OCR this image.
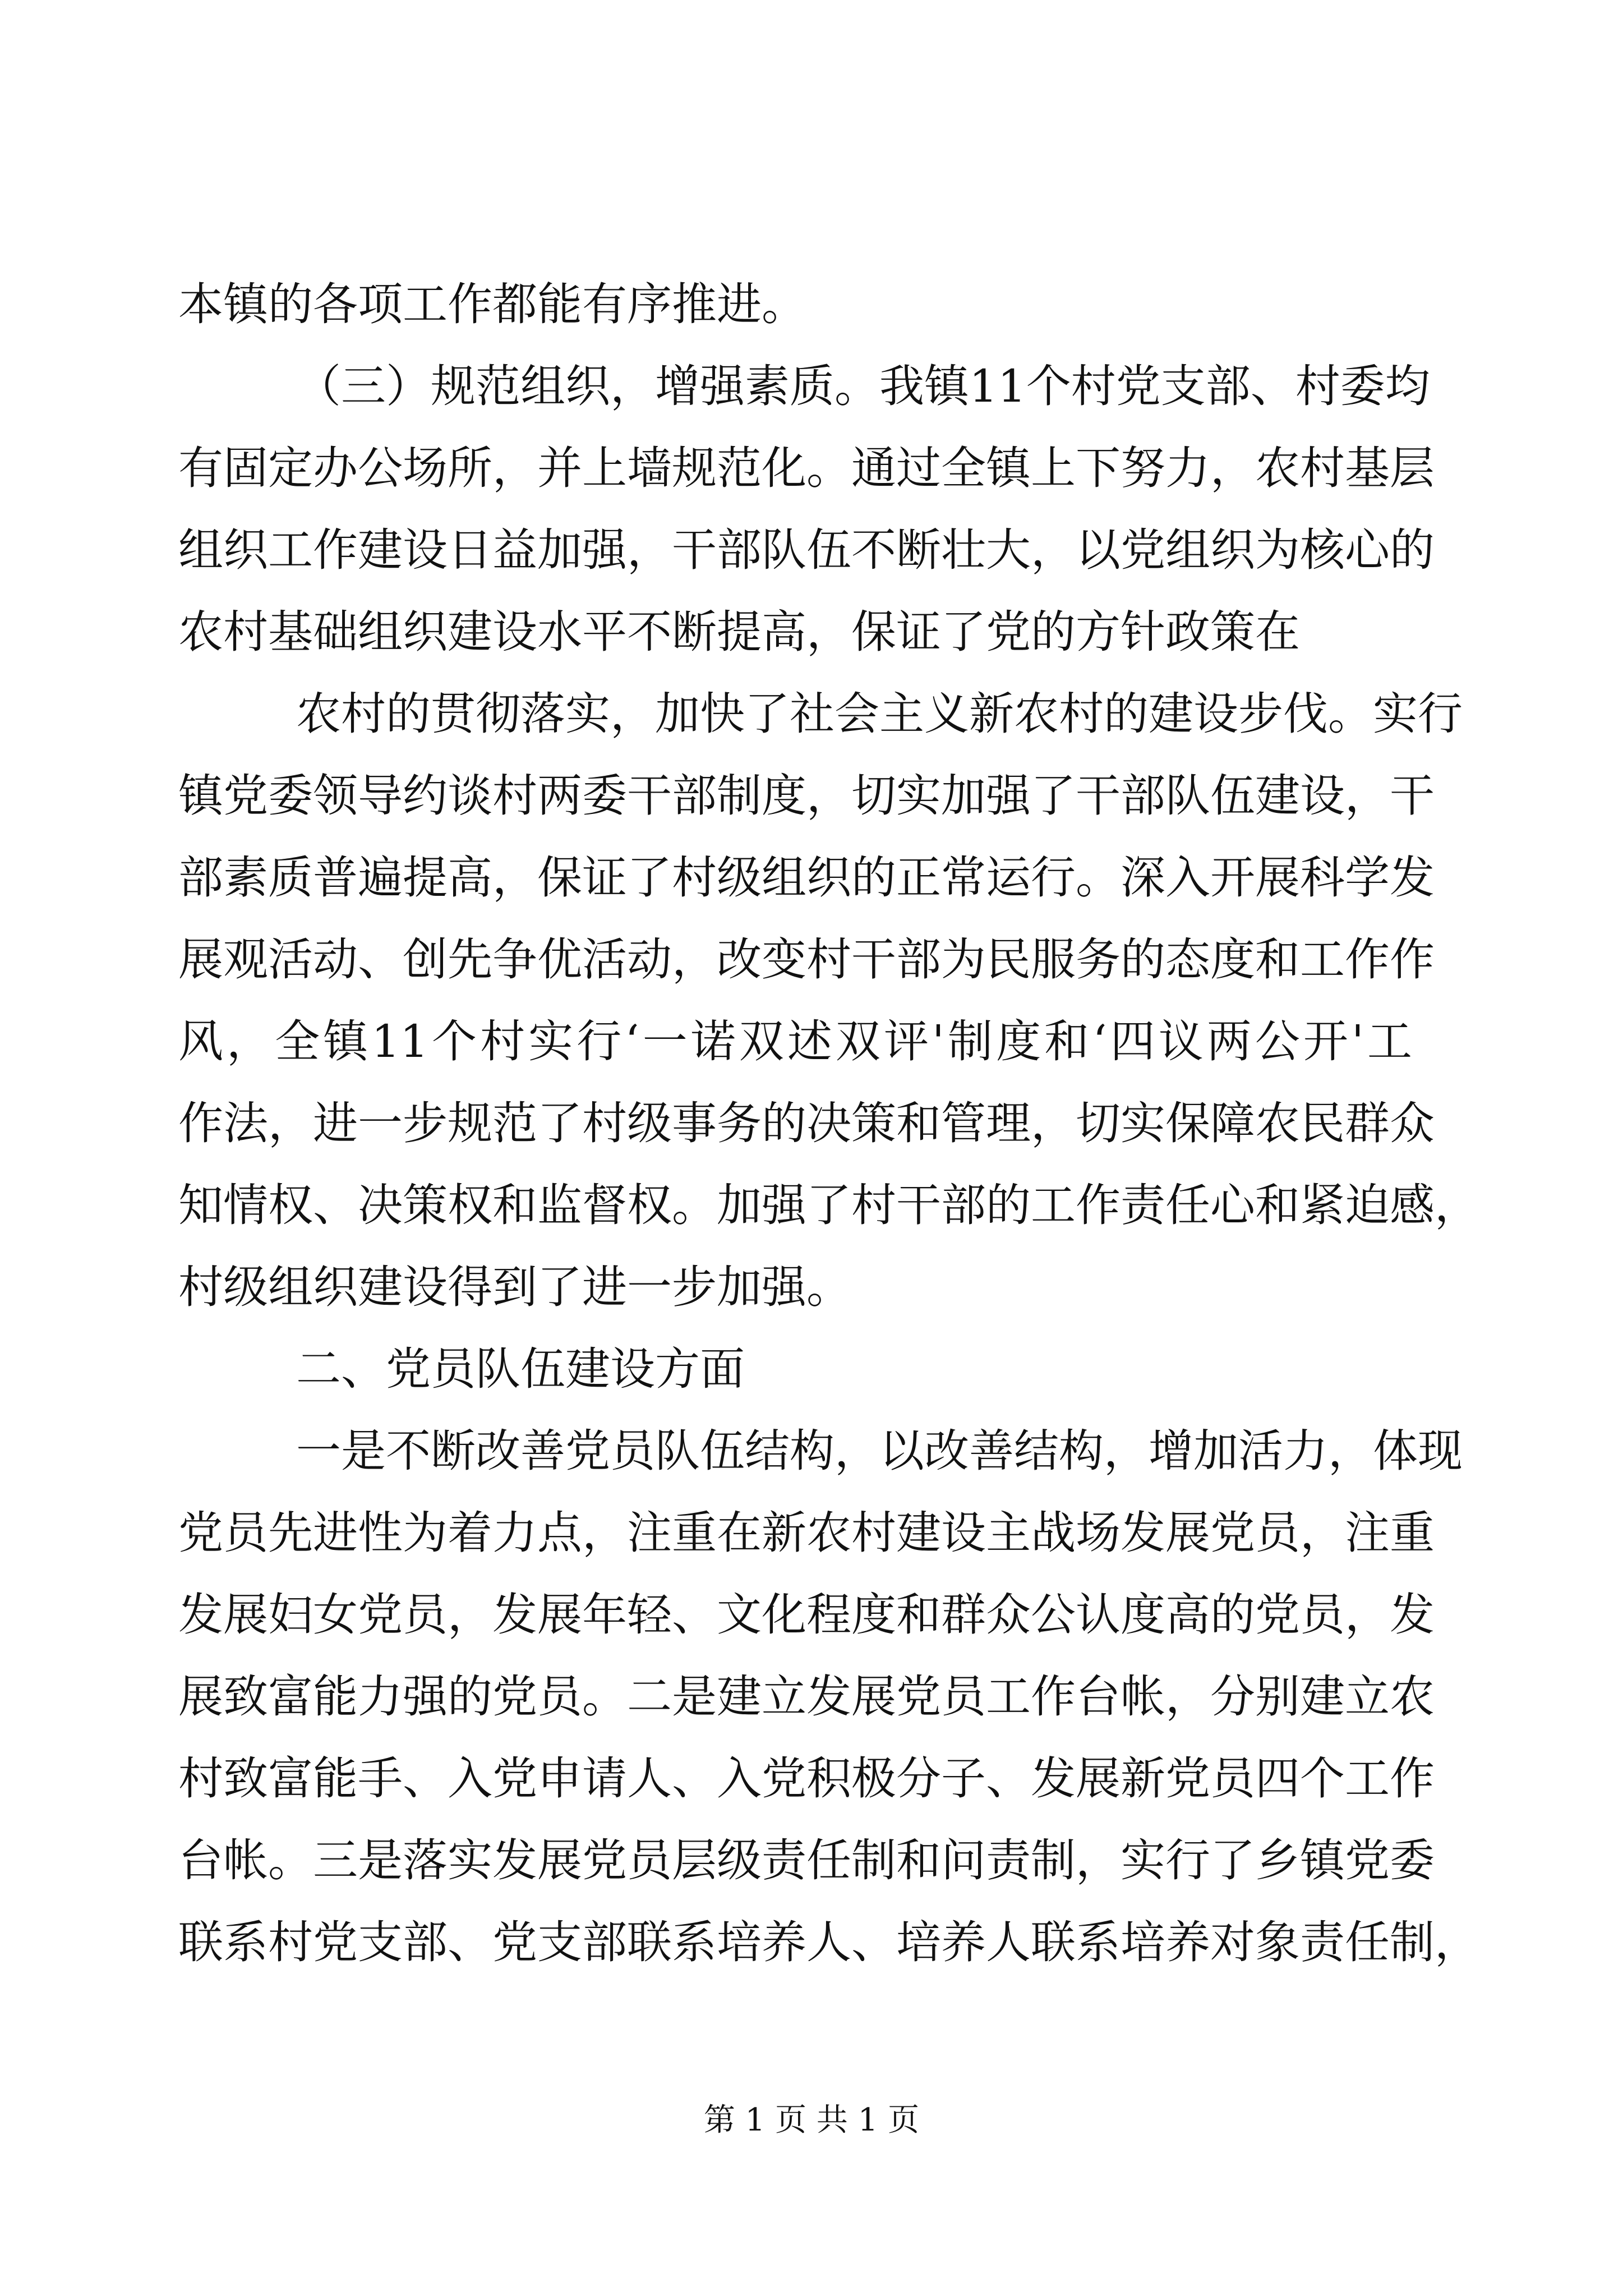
本镇的各项工作都能有序推进。
（三）规范组织，增强素质。我镇11个村党支部、村委均
有固定办公场所，并上墙规范化。通过全镇上下努力，农村基层
组织工作建设日益加强，干部队伍不断壮大，以党组织为核心的
农村基础组织建设水平不断提高，保证了党的方针政策在
农村的贯彻落实，加快了社会主义新农村的建设步伐。实行
镇党委领导约谈村两委干部制度，切实加强了干部队伍建设，干
部素质普遍提高，保证了村级组织的正常运行。深入开展科学发
展观活动、创先争优活动，改变村干部为民服务的态度和工作作
风，全镇11个村实行‘一诺双述双评'制度和‘四议两公开'工
作法，进一步规范了村级事务的决策和管理，切实保障农民群众
知情权、决策权和监督权。加强了村干部的工作责任心和紧迫感，
村级组织建设得到了进一步加强。
二、党员队伍建设方面
一是不断改善党员队伍结构，以改善结构，增加活力，体现
党员先进性为着力点，注重在新农村建设主战场发展党员，注重
发展妇女党员，发展年轻、文化程度和群众公认度高的党员，发
展致富能力强的党员。二是建立发展党员工作台帐，分别建立农
村致富能手、入党申请人、入党积极分子、发展新党员四个工作
台帐。三是落实发展党员层级责任制和问责制，实行了乡镇党委
联系村党支部、党支部联系培养人、培养人联系培养对象责任制，
第 1 页 共 1 页
